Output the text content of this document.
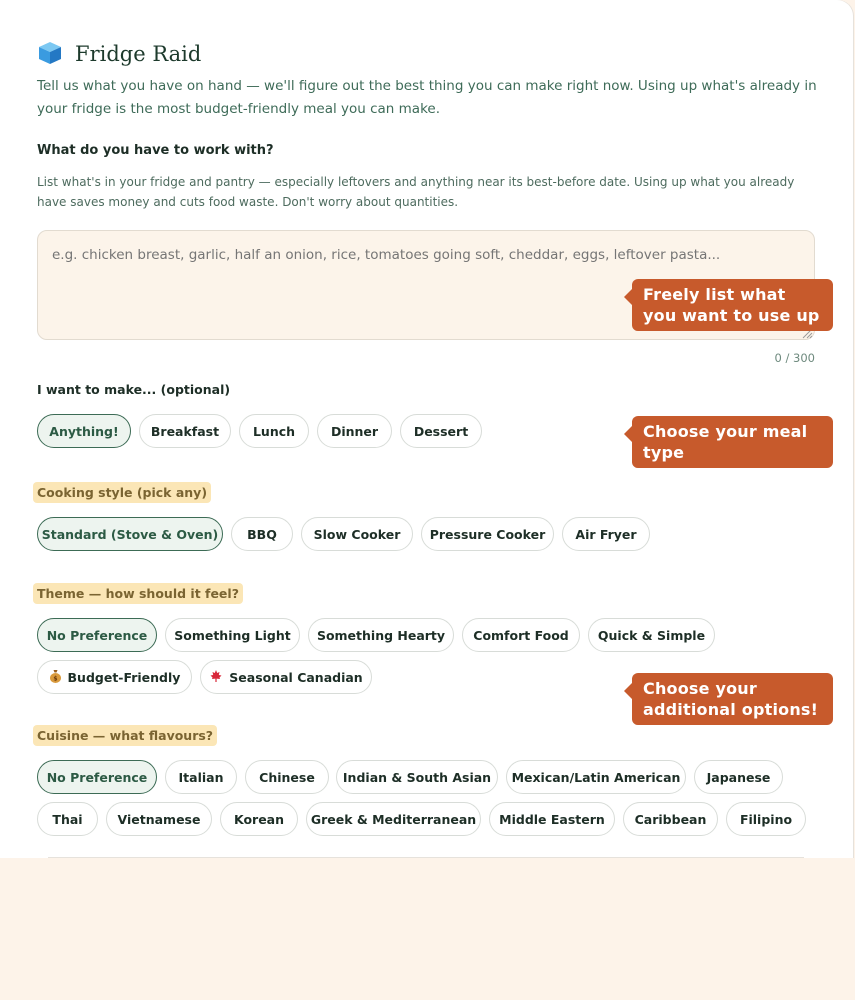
Fridge Raid

Tell us what you have on hand — we'll figure out the best thing you can make right now. Using up what's already in your fridge is the most budget-friendly meal you can make.

What do you have to work with?

List what's in your fridge and pantry — especially leftovers and anything near its best-before date. Using up what you already have saves money and cuts food waste. Don't worry about quantities.

e.g. chicken breast, garlic, half an onion, rice, tomatoes going soft, cheddar, eggs, leftover pasta...
0 / 300
I want to make... (optional)
Anything!	Breakfast	Lunch	Dinner	Dessert
Cooking style (pick any)
Standard (Stove & Oven)	BBQ	Slow Cooker	Pressure Cooker	Air Fryer
Theme — how should it feel?
No Preference	Something Light	Something Hearty	Comfort Food	Quick & Simple
$ Budget-Friendly	Seasonal Canadian
Cuisine — what flavours?
No Preference	Italian	Chinese	Indian & South Asian	Mexican/Latin American	Japanese
Thai	Vietnamese	Korean	Greek & Mediterranean	Middle Eastern	Caribbean	Filipino
Freely list what you want to use up
Choose your meal type
Choose your additional options!
